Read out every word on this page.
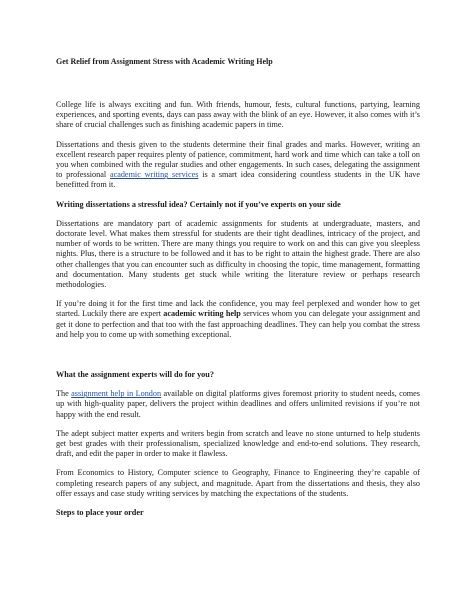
Get Relief from Assignment Stress with Academic Writing Help

College life is always exciting and fun. With friends, humour, fests, cultural functions, partying, learning experiences, and sporting events, days can pass away with the blink of an eye. However, it also comes with it’s share of crucial challenges such as finishing academic papers in time.

Dissertations and thesis given to the students determine their final grades and marks. However, writing an excellent research paper requires plenty of patience, commitment, hard work and time which can take a toll on you when combined with the regular studies and other engagements. In such cases, delegating the assignment to professional academic writing services is a smart idea considering countless students in the UK have benefitted from it.

Writing dissertations a stressful idea? Certainly not if you’ve experts on your side

Dissertations are mandatory part of academic assignments for students at undergraduate, masters, and doctorate level. What makes them stressful for students are their tight deadlines, intricacy of the project, and number of words to be written. There are many things you require to work on and this can give you sleepless nights. Plus, there is a structure to be followed and it has to be right to attain the highest grade. There are also other challenges that you can encounter such as difficulty in choosing the topic, time management, formatting and documentation. Many students get stuck while writing the literature review or perhaps research methodologies.

If you’re doing it for the first time and lack the confidence, you may feel perplexed and wonder how to get started. Luckily there are expert academic writing help services whom you can delegate your assignment and get it done to perfection and that too with the fast approaching deadlines. They can help you combat the stress and help you to come up with something exceptional.

What the assignment experts will do for you?

The assignment help in London available on digital platforms gives foremost priority to student needs, comes up with high-quality paper, delivers the project within deadlines and offers unlimited revisions if you’re not happy with the end result.

The adept subject matter experts and writers begin from scratch and leave no stone unturned to help students get best grades with their professionalism, specialized knowledge and end-to-end solutions. They research, draft, and edit the paper in order to make it flawless.

From Economics to History, Computer science to Geography, Finance to Engineering they’re capable of completing research papers of any subject, and magnitude. Apart from the dissertations and thesis, they also offer essays and case study writing services by matching the expectations of the students.

Steps to place your order
